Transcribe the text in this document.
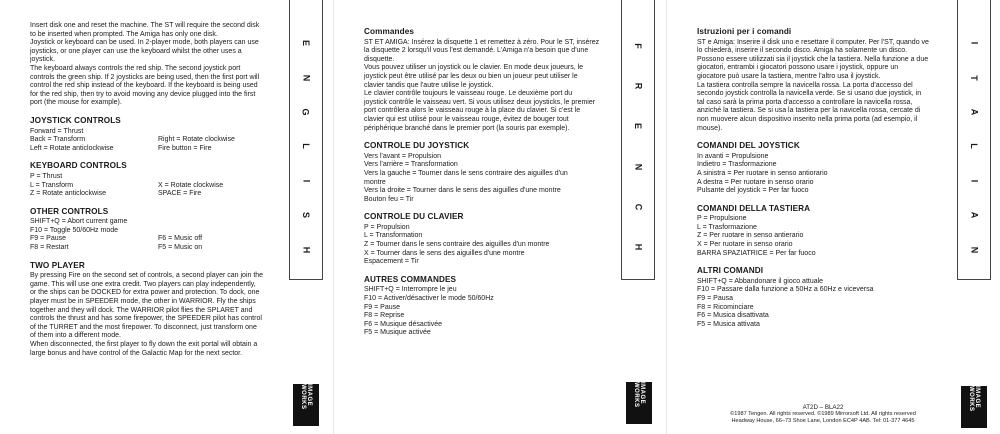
Insert disk one and reset the machine. The ST will require the second disk

to be inserted when prompted. The Amiga has only one disk.

Joystick or keyboard can be used. In 2-player mode, both players can use

joysticks, or one player can use the keyboard whilst the other uses a

joystick.

The keyboard always controls the red ship. The second joystick port

controls the green ship. If 2 joysticks are being used, then the first port will

control the red ship instead of the keyboard. If the keyboard is being used

for the red ship, then try to avoid moving any device plugged into the first

port (the mouse for example).

JOYSTICK CONTROLS

Forward = Thrust

Back = Transform	Right = Rotate clockwise
Left = Rotate anticlockwise	Fire button = Fire
KEYBOARD CONTROLS
P = Thrust
L = Transform	X = Rotate clockwise
Z = Rotate anticlockwise	SPACE = Fire
OTHER CONTROLS

SHIFT+Q = Abort current game

F10 = Toggle 50/60Hz mode

F9 = Pause	F6 = Music off
F8 = Restart	F5 = Music on
TWO PLAYER

By pressing Fire on the second set of controls, a second player can join the

game. This will use one extra credit. Two players can play independently,

or the ships can be DOCKED for extra power and protection. To dock, one

player must be in SPEEDER mode, the other in WARRIOR. Fly the ships

together and they will dock. The WARRIOR pilot flies the SPLARET and

controls the thrust and has some firepower, the SPEEDER pilot has control

of the TURRET and the most firepower. To disconnect, just transform one

of them into a different mode.

When disconnected, the first player to fly down the exit portal will obtain a

large bonus and have control of the Galactic Map for the next sector.

E
N
G
L
I
S
H
IMAGE WORKS
Commandes

ST ET AMIGA: Insérez la disquette 1 et remettez à zéro. Pour le ST, insérez

la disquette 2 lorsqu'il vous l'est demandé. L'Amiga n'a besoin que d'une

disquette.

Vous pouvez utiliser un joystick ou le clavier. En mode deux joueurs, le

joystick peut être utilisé par les deux ou bien un joueur peut utiliser le

clavier tandis que l'autre utilise le joystick.

Le clavier contrôle toujours le vaisseau rouge. Le deuxième port du

joystick contrôle le vaisseau vert. Si vous utilisez deux joysticks, le premier

port contrôlera alors le vaisseau rouge à la place du clavier. Si c'est le

clavier qui est utilisé pour le vaisseau rouge, évitez de bouger tout

périphérique branché dans le premier port (la souris par exemple).

CONTROLE DU JOYSTICK

Vers l'avant = Propulsion

Vers l'arrière = Transformation

Vers la gauche = Tourner dans le sens contraire des aiguilles d'un

montre

Vers la droite = Tourner dans le sens des aiguilles d'une montre

Bouton feu = Tir

CONTROLE DU CLAVIER

P = Propulsion

L = Transformation

Z = Tourner dans le sens contraire des aiguilles d'un montre

X = Tourner dans le sens des aiguilles d'une montre

Espacement = Tir

AUTRES COMMANDES

SHIFT+Q = Interrompre le jeu

F10 = Activer/désactiver le mode 50/60Hz

F9 = Pause

F8 = Reprise

F6 = Musique désactivée

F5 = Musique activée

F
R
E
N
C
H
IMAGE WORKS
Istruzioni per i comandi

ST e Amiga: Inserire il disk uno e resettare il computer. Per l'ST, quando ve

lo chiederà, inserire il secondo disco. Amiga ha solamente un disco.

Possono essere utilizzati sia il joystick che la tastiera. Nella funzione a due

giocatori, entrambi i giocatori possono usare i joystick, oppure un

giocatore può usare la tastiera, mentre l'altro usa il joystick.

La tastiera controlla sempre la navicella rossa. La porta d'accesso del

secondo joystick controlla la navicella verde. Se si usano due joystick, in

tal caso sarà la prima porta d'accesso a controllare la navicella rossa,

anziché la tastiera. Se si usa la tastiera per la navicella rossa, cercate di

non muovere alcun dispositivo inserito nella prima porta (ad esempio, il

mouse).

COMANDI DEL JOYSTICK

In avanti = Propulsione

Indietro = Trasformazione

A sinistra = Per ruotare in senso antiorario

A destra = Per ruotare in senso orario

Pulsante del joystick = Per far fuoco

COMANDI DELLA TASTIERA

P = Propulsione

L = Trasformazione

Z = Per ruotare in senso antierario

X = Per ruotare in senso orario

BARRA SPAZIATRICE = Per far fuoco

ALTRI COMANDI

SHIFT+Q = Abbandonare il gioco attuale

F10 = Passare dalla funzione a 50Hz a 60Hz e viceversa

F9 = Pausa

F8 = Ricominciare

F6 = Musica disattivata

F5 = Musica attivata

AT2D – BLA22
©1987 Tengen. All rights reserved. ©1989 Mirrorsoft Ltd. All rights reserved
Headway House, 66–73 Shoe Lane, London EC4P 4AB. Tel: 01-377 4645
I
T
A
L
I
A
N
IMAGE WORKS
